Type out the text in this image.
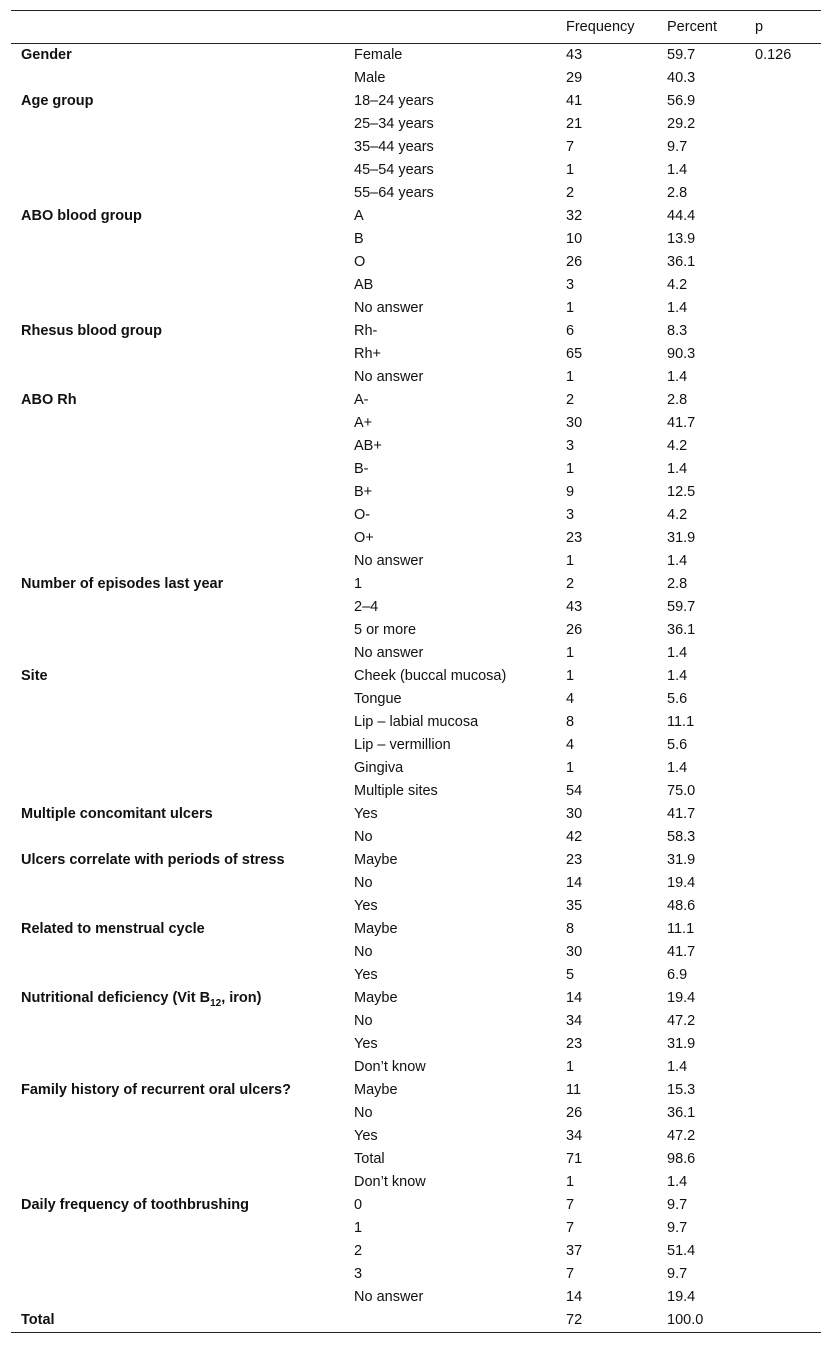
		Frequency	Percent	p
Gender	Female	43	59.7	0.126
	Male	29	40.3	
Age group	18–24 years	41	56.9	
	25–34 years	21	29.2	
	35–44 years	7	9.7	
	45–54 years	1	1.4	
	55–64 years	2	2.8	
ABO blood group	A	32	44.4	
	B	10	13.9	
	O	26	36.1	
	AB	3	4.2	
	No answer	1	1.4	
Rhesus blood group	Rh-	6	8.3	
	Rh+	65	90.3	
	No answer	1	1.4	
ABO Rh	A-	2	2.8	
	A+	30	41.7	
	AB+	3	4.2	
	B-	1	1.4	
	B+	9	12.5	
	O-	3	4.2	
	O+	23	31.9	
	No answer	1	1.4	
Number of episodes last year	1	2	2.8	
	2–4	43	59.7	
	5 or more	26	36.1	
	No answer	1	1.4	
Site	Cheek (buccal mucosa)	1	1.4	
	Tongue	4	5.6	
	Lip – labial mucosa	8	11.1	
	Lip – vermillion	4	5.6	
	Gingiva	1	1.4	
	Multiple sites	54	75.0	
Multiple concomitant ulcers	Yes	30	41.7	
	No	42	58.3	
Ulcers correlate with periods of stress	Maybe	23	31.9	
	No	14	19.4	
	Yes	35	48.6	
Related to menstrual cycle	Maybe	8	11.1	
	No	30	41.7	
	Yes	5	6.9	
Nutritional deficiency (Vit $B_{12}$, iron)	Maybe	14	19.4	
	No	34	47.2	
	Yes	23	31.9	
	Don’t know	1	1.4	
Family history of recurrent oral ulcers?	Maybe	11	15.3	
	No	26	36.1	
	Yes	34	47.2	
	Total	71	98.6	
	Don’t know	1	1.4	
Daily frequency of toothbrushing	0	7	9.7	
	1	7	9.7	
	2	37	51.4	
	3	7	9.7	
	No answer	14	19.4	
Total		72	100.0	
